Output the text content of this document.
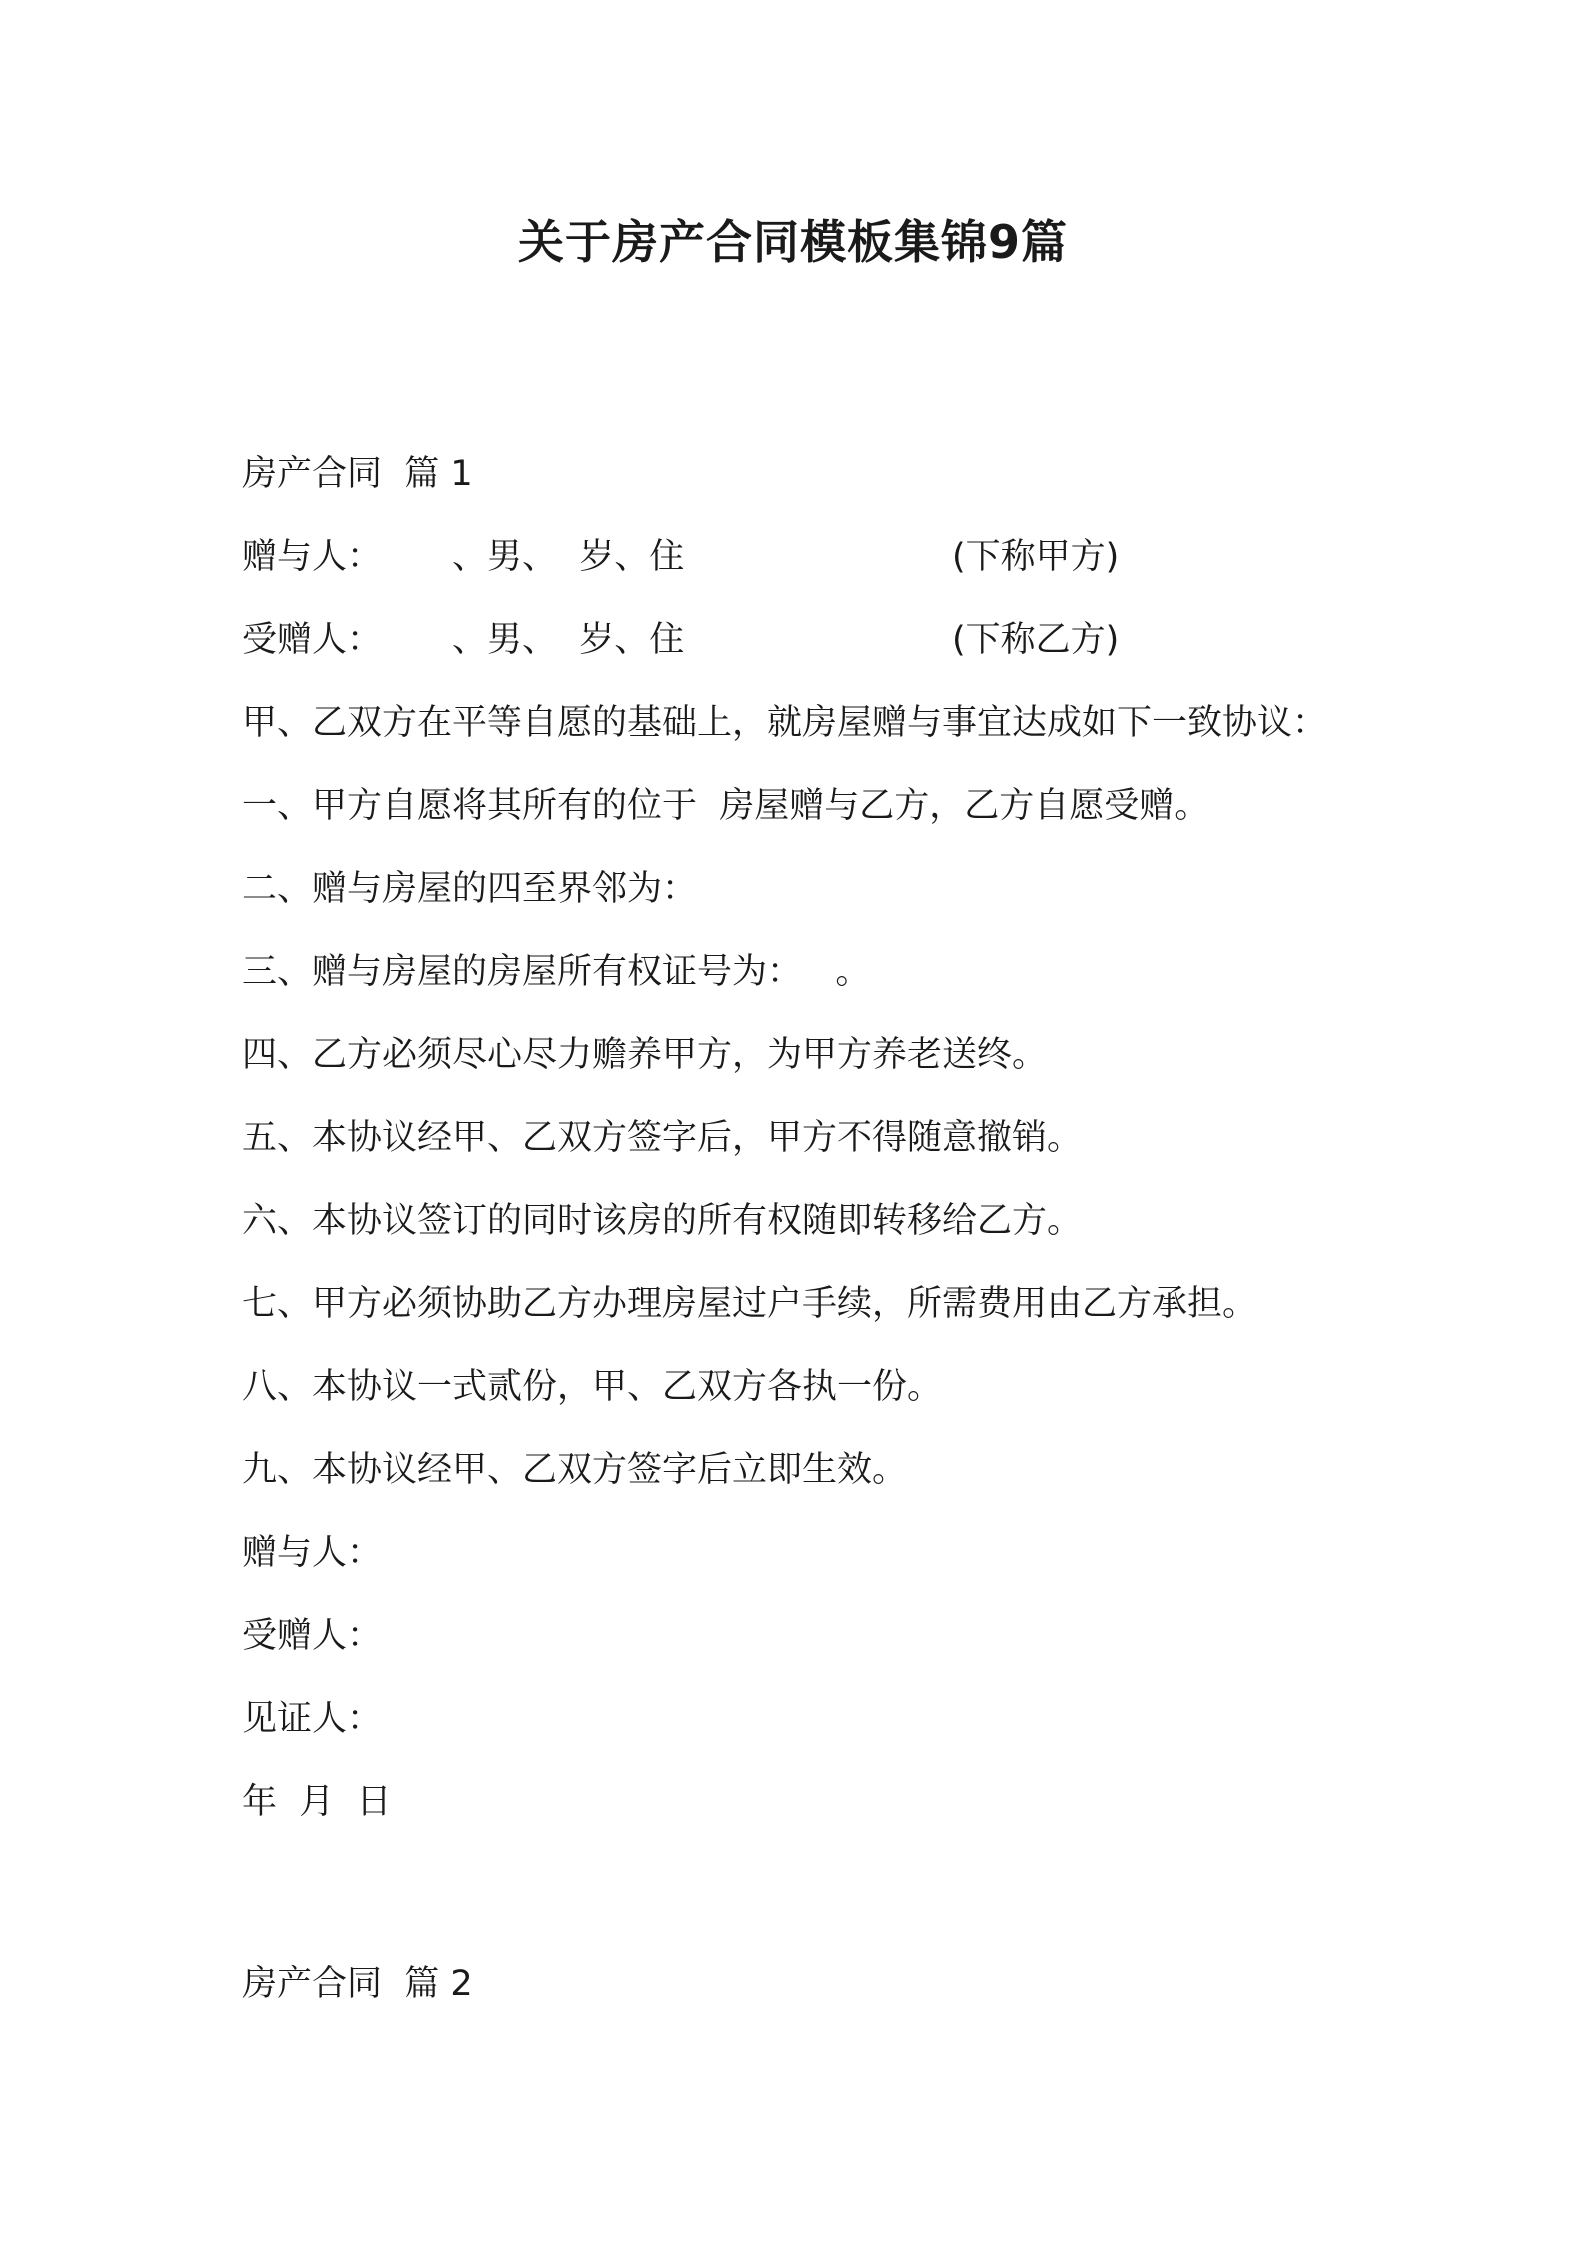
关于房产合同模板集锦9篇
房产合同  篇 1
赠与人： 、男、  岁、住	(下称甲方)
受赠人： 、男、  岁、住	(下称乙方)
甲、乙双方在平等自愿的基础上，就房屋赠与事宜达成如下一致协议：
一、甲方自愿将其所有的位于  房屋赠与乙方，乙方自愿受赠。
二、赠与房屋的四至界邻为：
三、赠与房屋的房屋所有权证号为：   。
四、乙方必须尽心尽力赡养甲方，为甲方养老送终。
五、本协议经甲、乙双方签字后，甲方不得随意撤销。
六、本协议签订的同时该房的所有权随即转移给乙方。
七、甲方必须协助乙方办理房屋过户手续，所需费用由乙方承担。
八、本协议一式贰份，甲、乙双方各执一份。
九、本协议经甲、乙双方签字后立即生效。
赠与人：
受赠人：
见证人：
年  月  日
房产合同  篇 2
